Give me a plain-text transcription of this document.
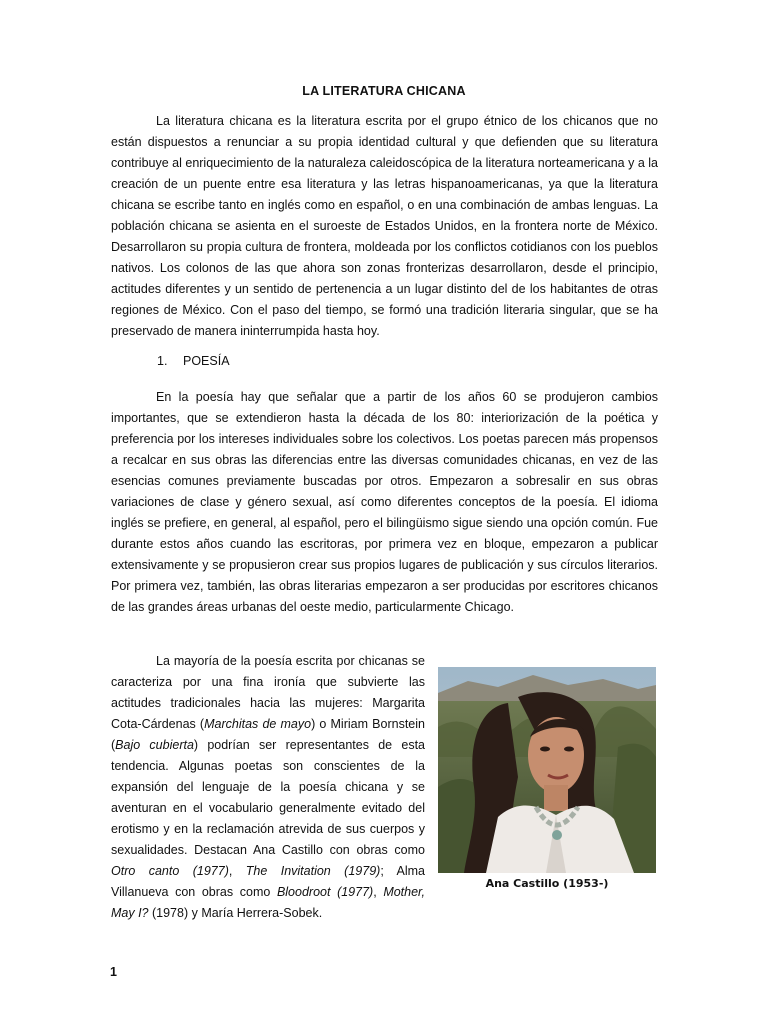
LA LITERATURA CHICANA

La literatura chicana es la literatura escrita por el grupo étnico de los chicanos que no están dispuestos a renunciar a su propia identidad cultural y que defienden que su literatura contribuye al enriquecimiento de la naturaleza caleidoscópica de la literatura norteamericana y a la creación de un puente entre esa literatura y las letras hispanoamericanas, ya que la literatura chicana se escribe tanto en inglés como en español, o en una combinación de ambas lenguas. La población chicana se asienta en el suroeste de Estados Unidos, en la frontera norte de México. Desarrollaron su propia cultura de frontera, moldeada por los conflictos cotidianos con los pueblos nativos. Los colonos de las que ahora son zonas fronterizas desarrollaron, desde el principio, actitudes diferentes y un sentido de pertenencia a un lugar distinto del de los habitantes de otras regiones de México. Con el paso del tiempo, se formó una tradición literaria singular, que se ha preservado de manera ininterrumpida hasta hoy.

1. POESÍA

En la poesía hay que señalar que a partir de los años 60 se produjeron cambios importantes, que se extendieron hasta la década de los 80: interiorización de la poética y preferencia por los intereses individuales sobre los colectivos. Los poetas parecen más propensos a recalcar en sus obras las diferencias entre las diversas comunidades chicanas, en vez de las esencias comunes previamente buscadas por otros. Empezaron a sobresalir en sus obras variaciones de clase y género sexual, así como diferentes conceptos de la poesía. El idioma inglés se prefiere, en general, al español, pero el bilingüismo sigue siendo una opción común. Fue durante estos años cuando las escritoras, por primera vez en bloque, empezaron a publicar extensivamente y se propusieron crear sus propios lugares de publicación y sus círculos literarios. Por primera vez, también, las obras literarias empezaron a ser producidas por escritores chicanos de las grandes áreas urbanas del oeste medio, particularmente Chicago.

La mayoría de la poesía escrita por chicanas se caracteriza por una fina ironía que subvierte las actitudes tradicionales hacia las mujeres: Margarita Cota-Cárdenas (Marchitas de mayo) o Miriam Bornstein (Bajo cubierta) podrían ser representantes de esta tendencia. Algunas poetas son conscientes de la expansión del lenguaje de la poesía chicana y se aventuran en el vocabulario generalmente evitado del erotismo y en la reclamación atrevida de sus cuerpos y sexualidades. Destacan Ana Castillo con obras como Otro canto (1977), The Invitation (1979); Alma Villanueva con obras como Bloodroot (1977), Mother, May I? (1978) y María Herrera-Sobek.

Ana Castillo (1953-)
1
